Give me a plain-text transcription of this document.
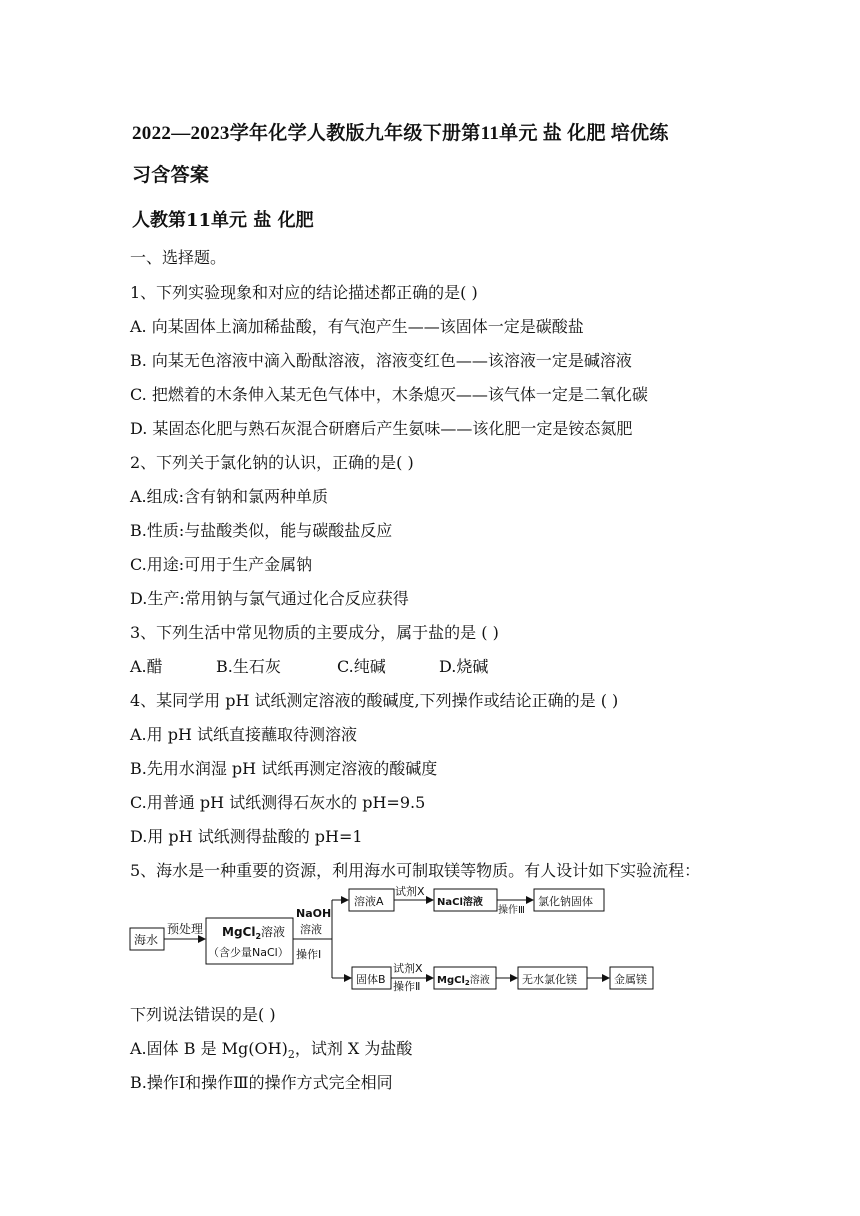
2022—2023学年化学人教版九年级下册第11单元 盐 化肥 培优练
习含答案
人教第11单元 盐 化肥
一、选择题。
1、下列实验现象和对应的结论描述都正确的是( )
A. 向某固体上滴加稀盐酸，有气泡产生——该固体一定是碳酸盐
B. 向某无色溶液中滴入酚酞溶液，溶液变红色——该溶液一定是碱溶液
C. 把燃着的木条伸入某无色气体中，木条熄灭——该气体一定是二氧化碳
D. 某固态化肥与熟石灰混合研磨后产生氨味——该化肥一定是铵态氮肥
2、下列关于氯化钠的认识，正确的是( )
A.组成:含有钠和氯两种单质
B.性质:与盐酸类似，能与碳酸盐反应
C.用途:可用于生产金属钠
D.生产:常用钠与氯气通过化合反应获得
3、下列生活中常见物质的主要成分，属于盐的是 ( )
A.醋	B.生石灰	C.纯碱	D.烧碱
4、某同学用 pH 试纸测定溶液的酸碱度,下列操作或结论正确的是 ( )
A.用 pH 试纸直接蘸取待测溶液
B.先用水润湿 pH 试纸再测定溶液的酸碱度
C.用普通 pH 试纸测得石灰水的 pH=9.5
D.用 pH 试纸测得盐酸的 pH=1
5、海水是一种重要的资源，利用海水可制取镁等物质。有人设计如下实验流程：
海水
预处理 MgCl$_2$溶液
（含少量NaCl）
NaOH
溶液
操作Ⅰ
溶液A
试剂X
NaCl溶液
操作Ⅲ
氯化钠固体
固体B
试剂X
操作Ⅱ MgCl$_2$溶液	无水氯化镁	金属镁
下列说法错误的是( )
A.固体 B 是 $Mg(OH)_2$，试剂 X 为盐酸
B.操作Ⅰ和操作Ⅲ的操作方式完全相同
